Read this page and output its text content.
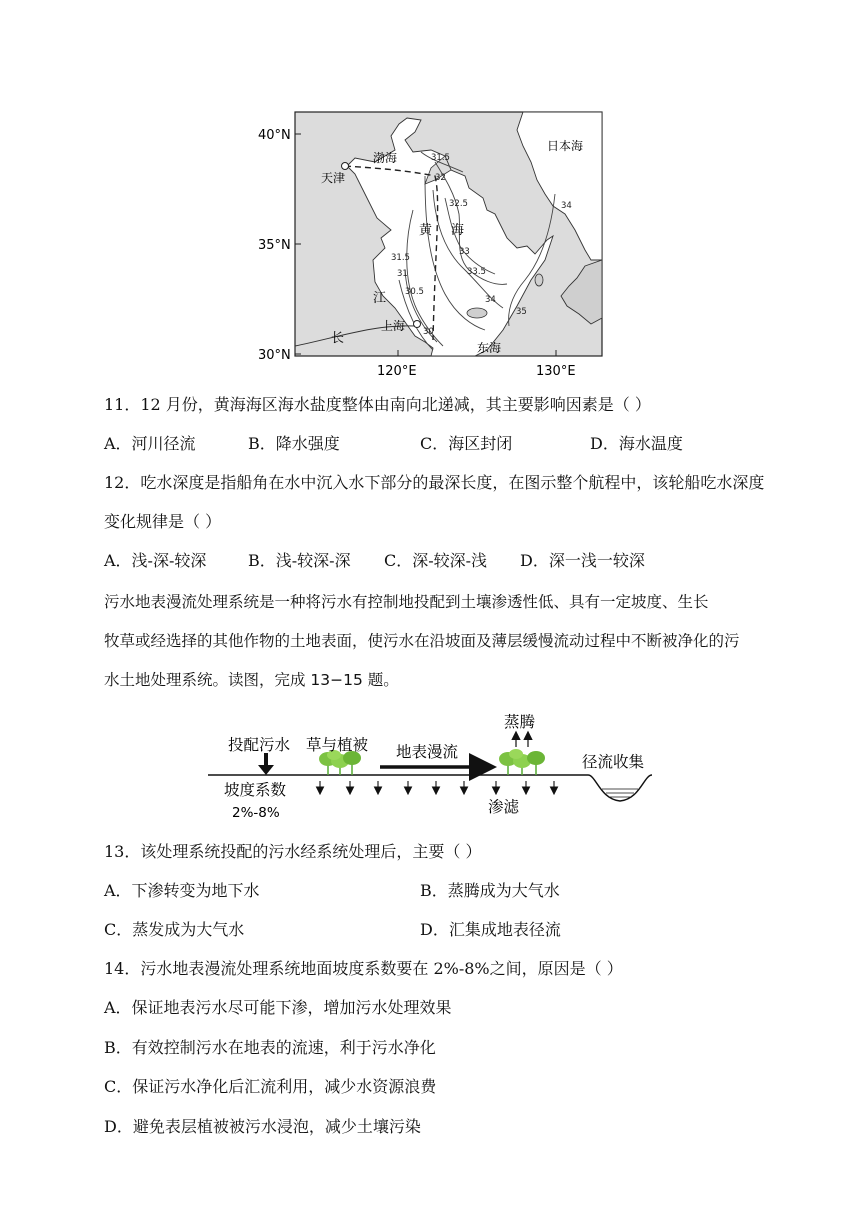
40°N
35°N
30°N
120°E	130°E
渤海
天津
日本海
黄 海
江
长
上海
东海
31.5
32
32.5
33
33.5
34
34
35
31.5
31
30.5
30
11．12 月份，黄海海区海水盐度整体由南向北递减，其主要影响因素是（ ）
A．河川径流	B．降水强度	C．海区封闭	D．海水温度
12．吃水深度是指船角在水中沉入水下部分的最深长度，在图示整个航程中，该轮船吃水深度
变化规律是（ ）
A．浅-深-较深	B．浅-较深-深 C．深-较深-浅 D．深一浅一较深
污水地表漫流处理系统是一种将污水有控制地投配到土壤渗透性低、具有一定坡度、生长
牧草或经选择的其他作物的土地表面，使污水在沿坡面及薄层缓慢流动过程中不断被净化的污
水土地处理系统。读图，完成 13−15 题。
投配污水 草与植被 地表漫流
蒸腾
径流收集
坡度系数
2%-8%	渗滤
13．该处理系统投配的污水经系统处理后，主要（ ）
A．下渗转变为地下水	B．蒸腾成为大气水
C．蒸发成为大气水	D．汇集成地表径流
14．污水地表漫流处理系统地面坡度系数要在 2%-8%之间，原因是（ ）
A．保证地表污水尽可能下渗，增加污水处理效果
B．有效控制污水在地表的流速，利于污水净化
C．保证污水净化后汇流利用，减少水资源浪费
D．避免表层植被被污水浸泡，减少土壤污染
